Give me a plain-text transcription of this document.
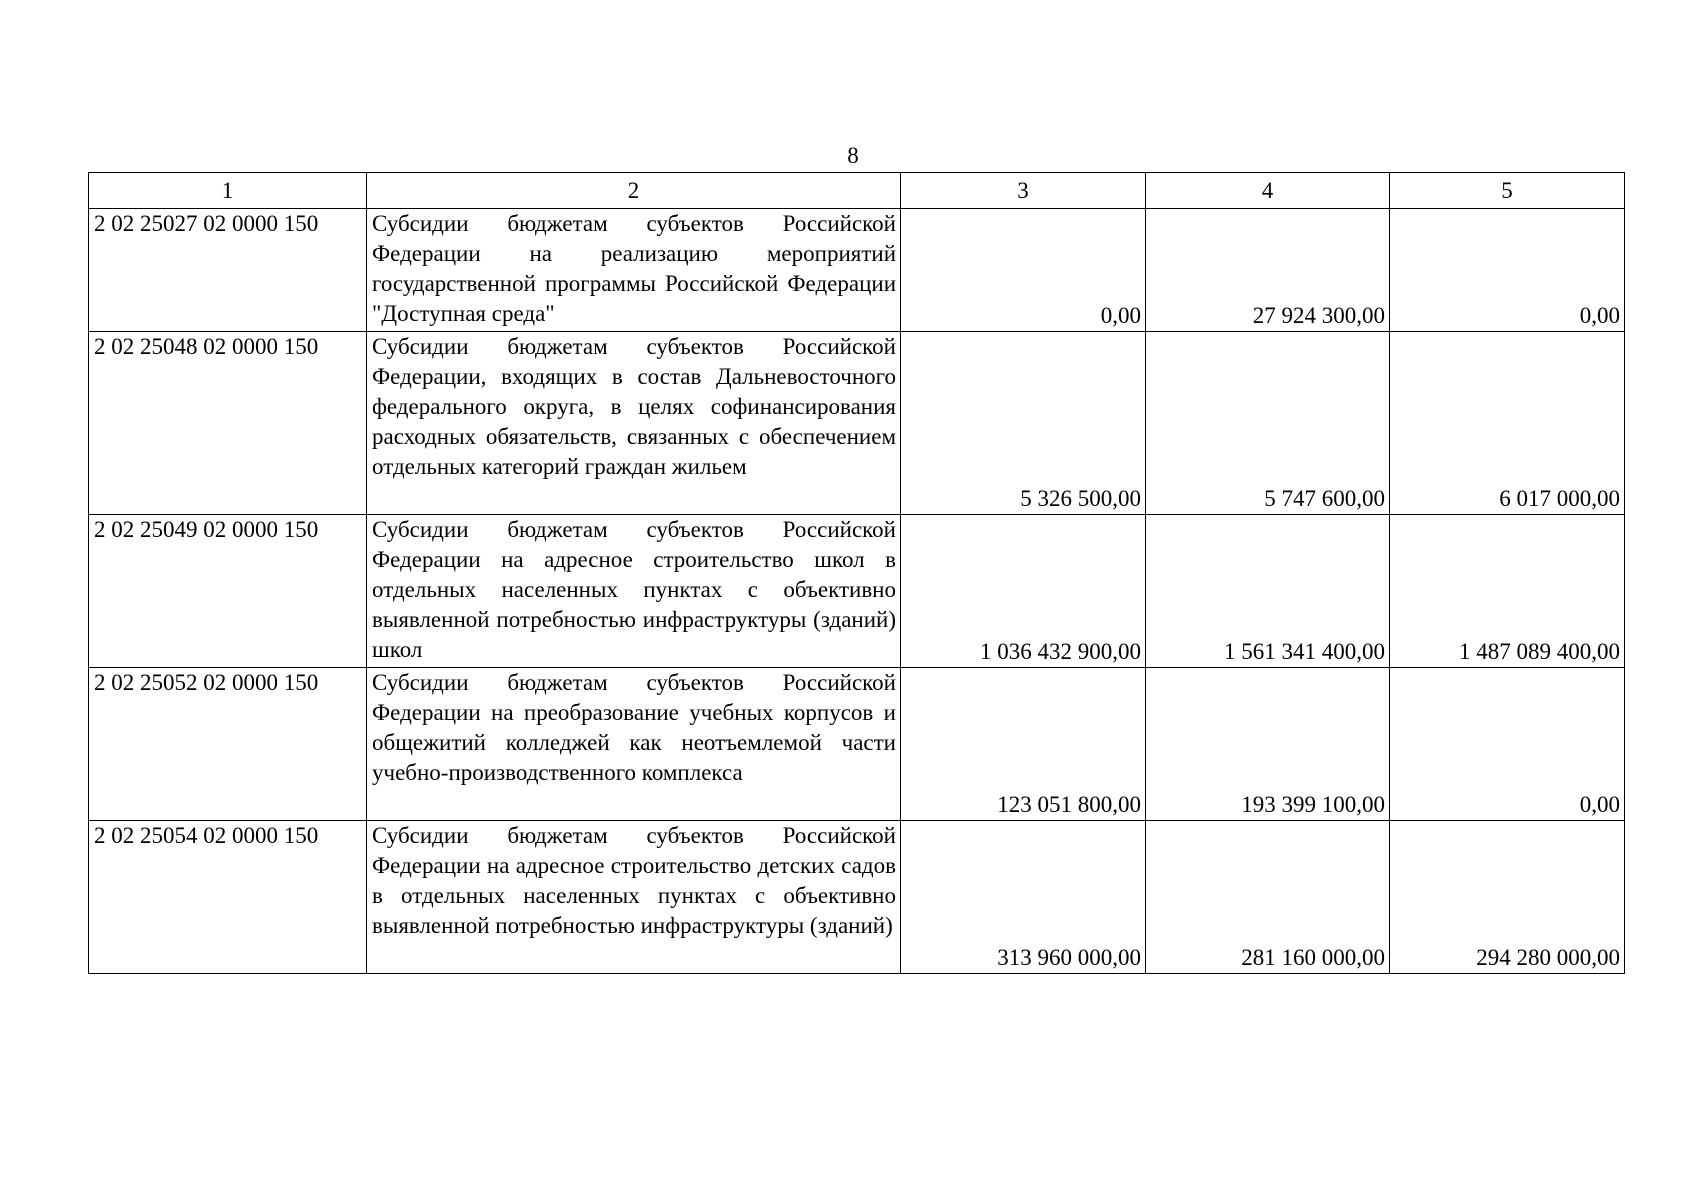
8
1	2	3	4	5
2 02 25027 02 0000 150	Субсидии бюджетам субъектов Российской Федерации на реализацию мероприятий государственной программы Российской Федерации "Доступная среда"	0,00	27 924 300,00	0,00
2 02 25048 02 0000 150	Субсидии бюджетам субъектов Российской Федерации, входящих в состав Дальневосточного федерального округа, в целях софинансирования расходных обязательств, связанных с обеспечением отдельных категорий граждан жильем	5 326 500,00	5 747 600,00	6 017 000,00
2 02 25049 02 0000 150	Субсидии бюджетам субъектов Российской Федерации на адресное строительство школ в отдельных населенных пунктах с объективно выявленной потребностью инфраструктуры (зданий) школ	1 036 432 900,00	1 561 341 400,00	1 487 089 400,00
2 02 25052 02 0000 150	Субсидии бюджетам субъектов Российской Федерации на преобразование учебных корпусов и общежитий колледжей как неотъемлемой части учебно-производственного комплекса	123 051 800,00	193 399 100,00	0,00
2 02 25054 02 0000 150	Субсидии бюджетам субъектов Российской Федерации на адресное строительство детских садов в отдельных населенных пунктах с объективно выявленной потребностью инфраструктуры (зданий)	313 960 000,00	281 160 000,00	294 280 000,00
